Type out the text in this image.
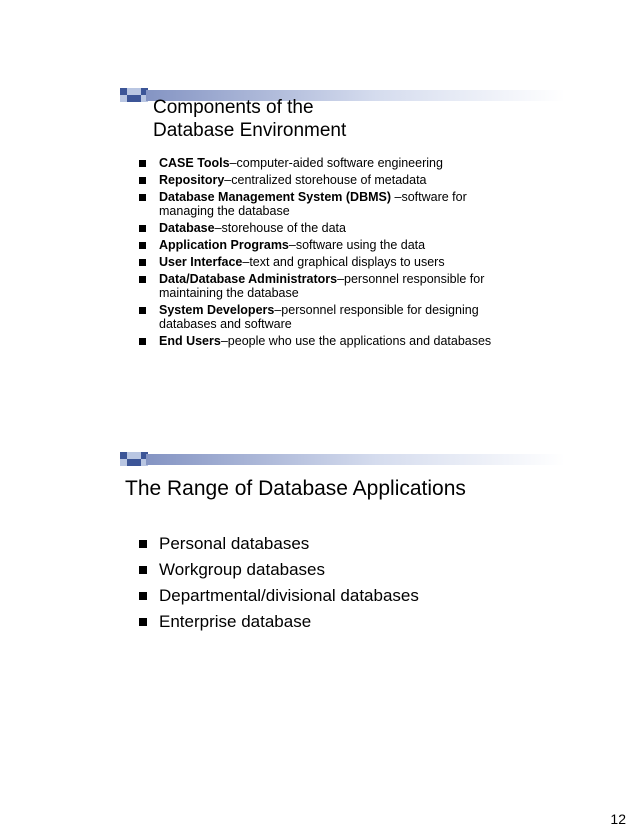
Components of the
Database Environment
CASE Tools–computer-aided software engineering
Repository–centralized storehouse of metadata
Database Management System (DBMS) –software for managing the database
Database–storehouse of the data
Application Programs–software using the data
User Interface–text and graphical displays to users
Data/Database Administrators–personnel responsible for maintaining the database
System Developers–personnel responsible for designing databases and software
End Users–people who use the applications and databases
The Range of Database Applications
Personal databases
Workgroup databases
Departmental/divisional databases
Enterprise database
12
